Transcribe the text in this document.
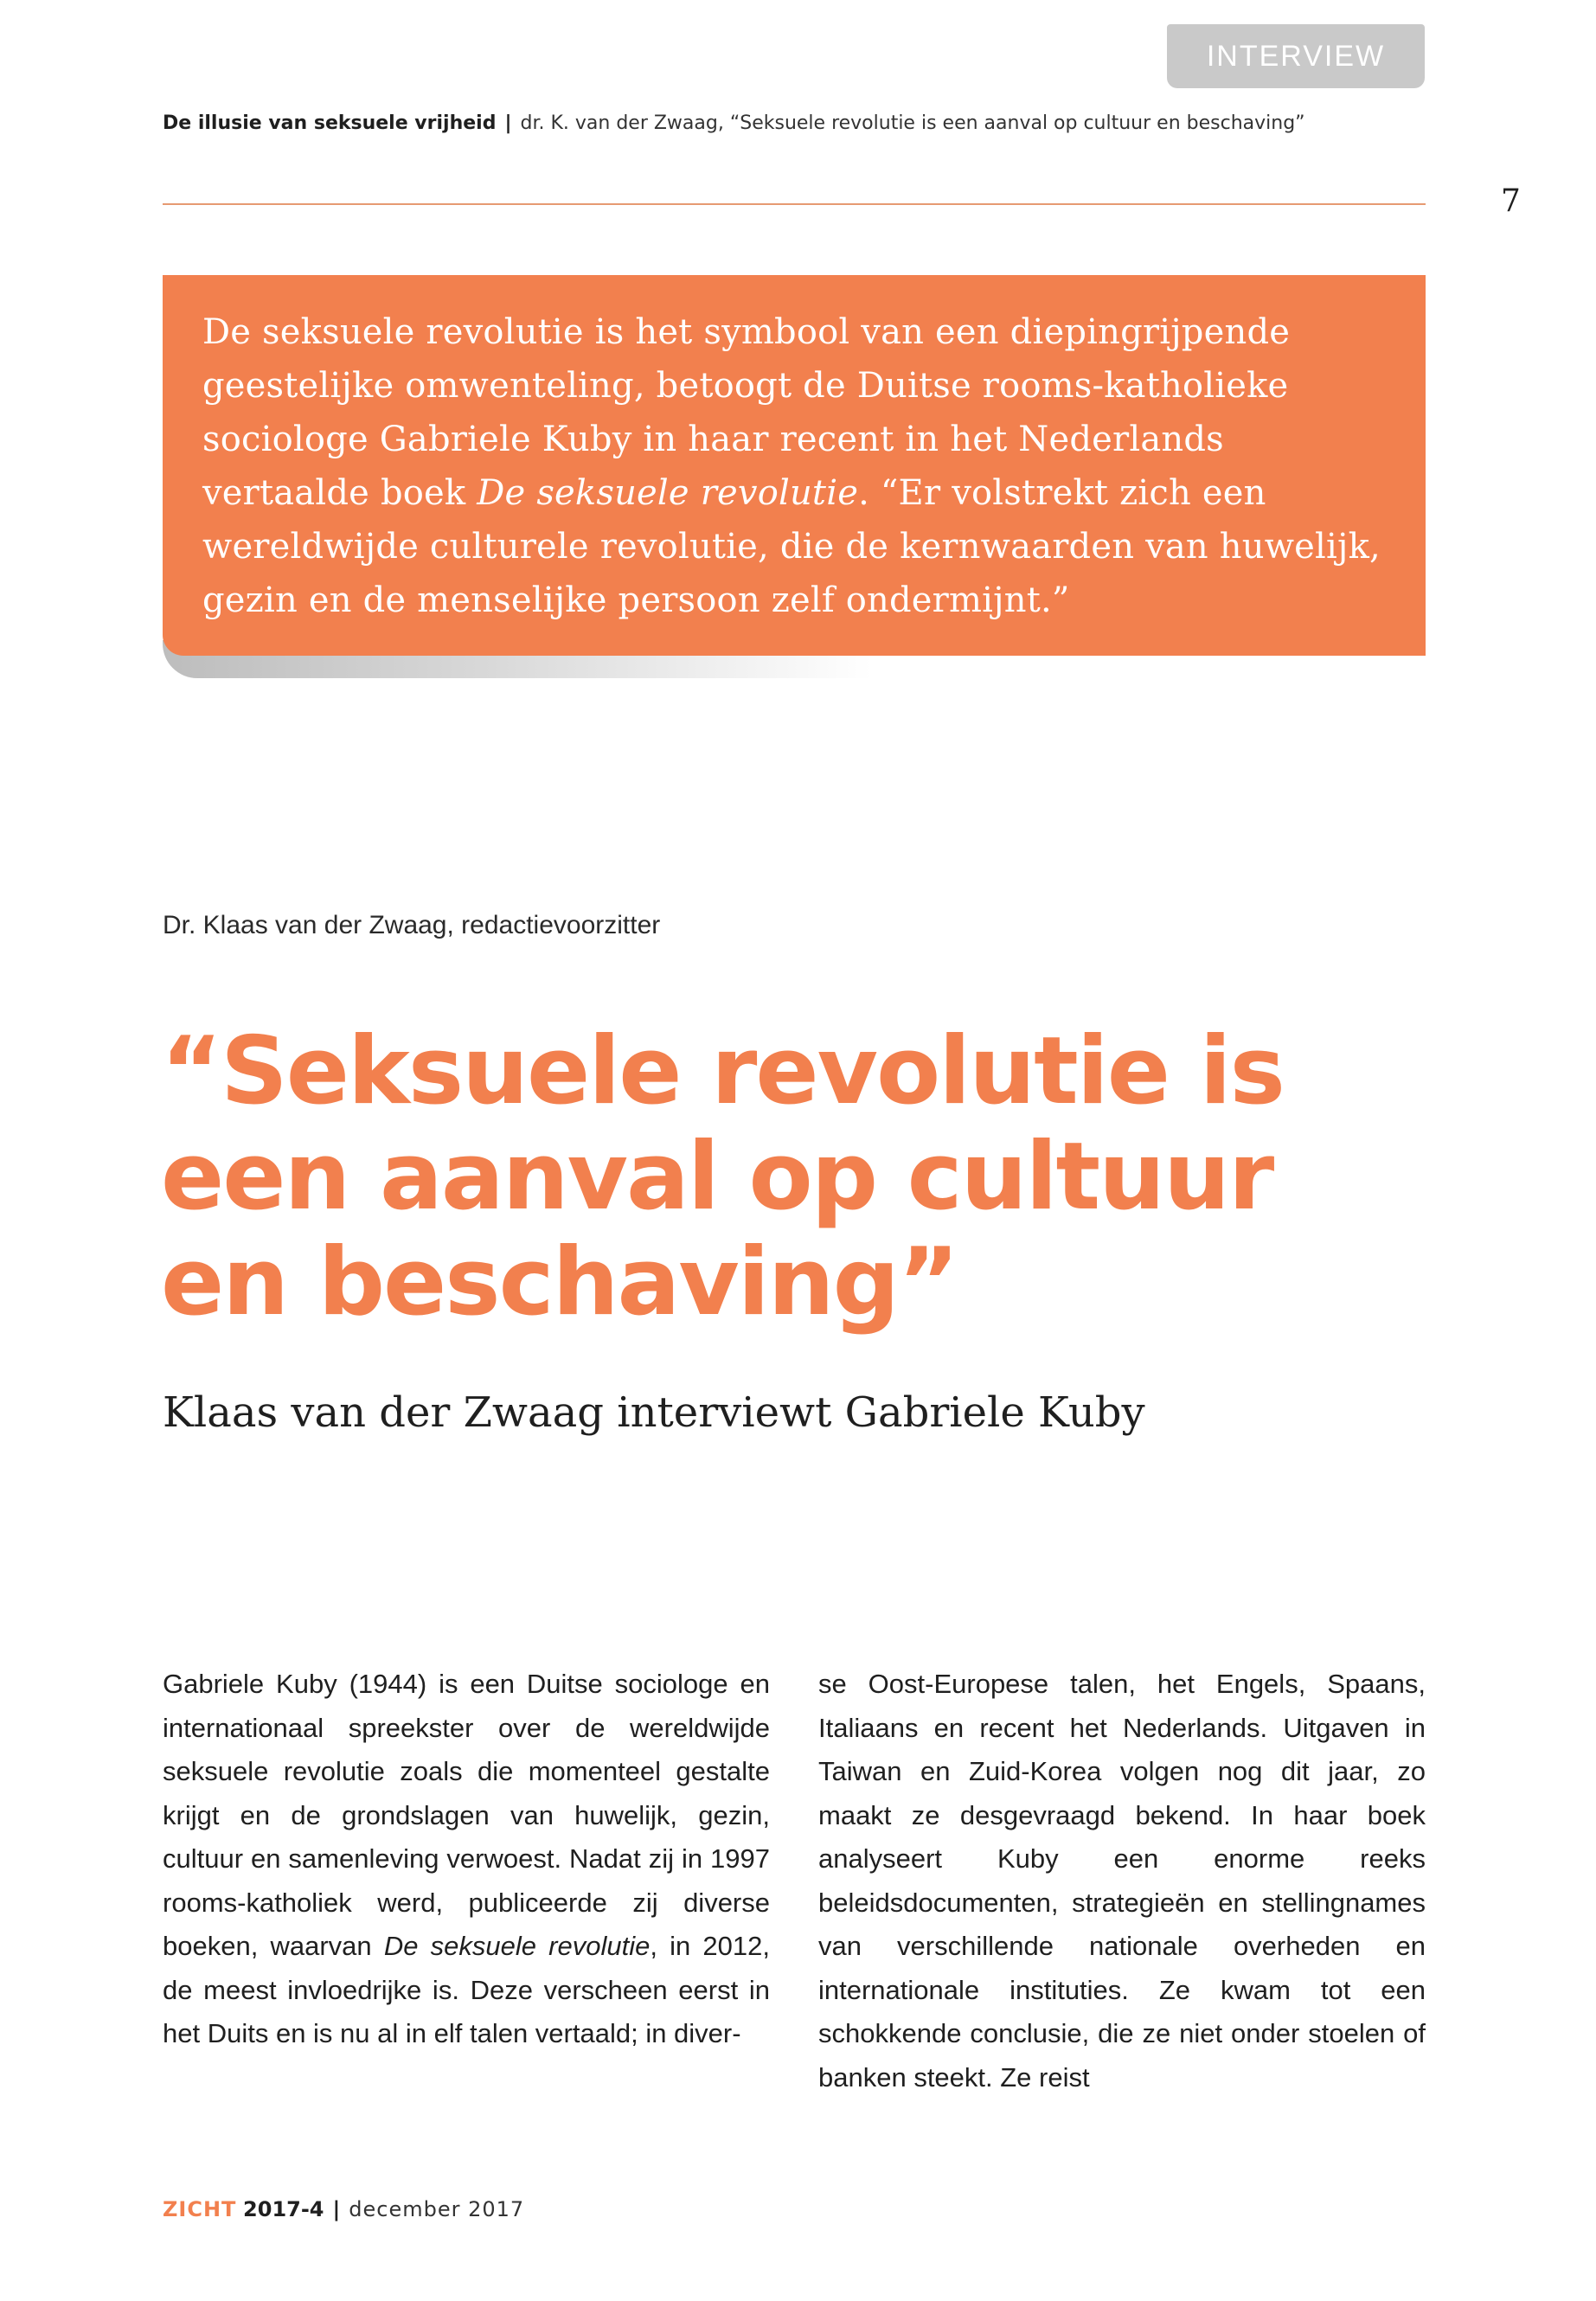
INTERVIEW
De illusie van seksuele vrijheid | dr. K. van der Zwaag, “Seksuele revolutie is een aanval op cultuur en beschaving”
7

De seksuele revolutie is het symbool van een diepingrijpende geestelijke omwenteling, betoogt de Duitse rooms-katholieke sociologe Gabriele Kuby in haar recent in het Nederlands vertaalde boek De seksuele revolutie. “Er volstrekt zich een wereldwijde culturele revolutie, die de kernwaarden van huwelijk, gezin en de menselijke persoon zelf ondermijnt.”

Dr. Klaas van der Zwaag, redactievoorzitter
“Seksuele revolutie is
een aanval op cultuur
en beschaving”
Klaas van der Zwaag interviewt Gabriele Kuby

Gabriele Kuby (1944) is een Duitse sociologe en internationaal spreekster over de wereldwijde seksuele revolutie zoals die momenteel gestalte krijgt en de grondslagen van huwelijk, gezin, cultuur en samenleving verwoest. Nadat zij in 1997 rooms-katholiek werd, publiceerde zij diverse boeken, waarvan De seksuele revolutie, in 2012, de meest invloedrijke is. Deze verscheen eerst in het Duits en is nu al in elf talen vertaald; in diver-

se Oost-Europese talen, het Engels, Spaans, Italiaans en recent het Nederlands. Uitgaven in Taiwan en Zuid-Korea volgen nog dit jaar, zo maakt ze desgevraagd bekend. In haar boek analyseert Kuby een enorme reeks beleidsdocumenten, strategieën en stellingnames van verschillende nationale overheden en internationale instituties. Ze kwam tot een schokkende conclusie, die ze niet onder stoelen of banken steekt. Ze reist

ZICHT 2017-4 | december 2017
